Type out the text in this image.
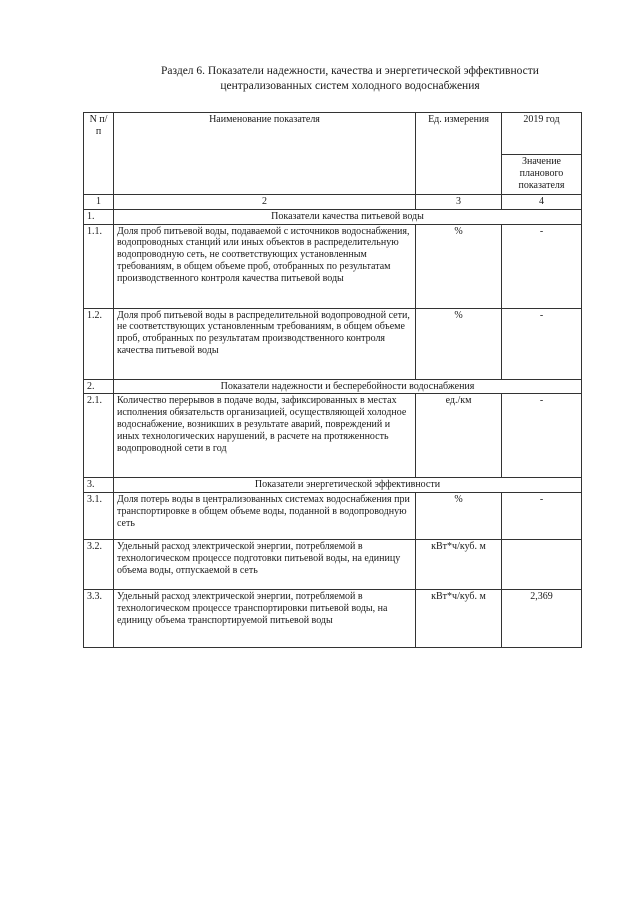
Раздел 6. Показатели надежности, качества и энергетической эффективности
централизованных систем холодного водоснабжения
N п/п	Наименование показателя	Ед. измерения	2019 год
			Значение планового показателя
1	2	3	4
1.	Показатели качества питьевой воды		
1.1.	Доля проб питьевой воды, подаваемой с источников водоснабжения, водопроводных станций или иных объектов в распределительную водопроводную сеть, не соответствующих установленным требованиям, в общем объеме проб, отобранных по результатам производственного контроля качества питьевой воды	%	-
1.2.	Доля проб питьевой воды в распределительной водопроводной сети, не соответствующих установленным требованиям, в общем объеме проб, отобранных по результатам производственного контроля качества питьевой воды	%	-
2.	Показатели надежности и бесперебойности водоснабжения		
2.1.	Количество перерывов в подаче воды, зафиксированных в местах исполнения обязательств организацией, осуществляющей холодное водоснабжение, возникших в результате аварий, повреждений и иных технологических нарушений, в расчете на протяженность водопроводной сети в год	ед./км	-
3.	Показатели энергетической эффективности		
3.1.	Доля потерь воды в централизованных системах водоснабжения при транспортировке в общем объеме воды, поданной в водопроводную сеть	%	-
3.2.	Удельный расход электрической энергии, потребляемой в технологическом процессе подготовки питьевой воды, на единицу объема воды, отпускаемой в сеть	кВт*ч/куб. м	
3.3.	Удельный расход электрической энергии, потребляемой в технологическом процессе транспортировки питьевой воды, на единицу объема транспортируемой питьевой воды	кВт*ч/куб. м	2,369
